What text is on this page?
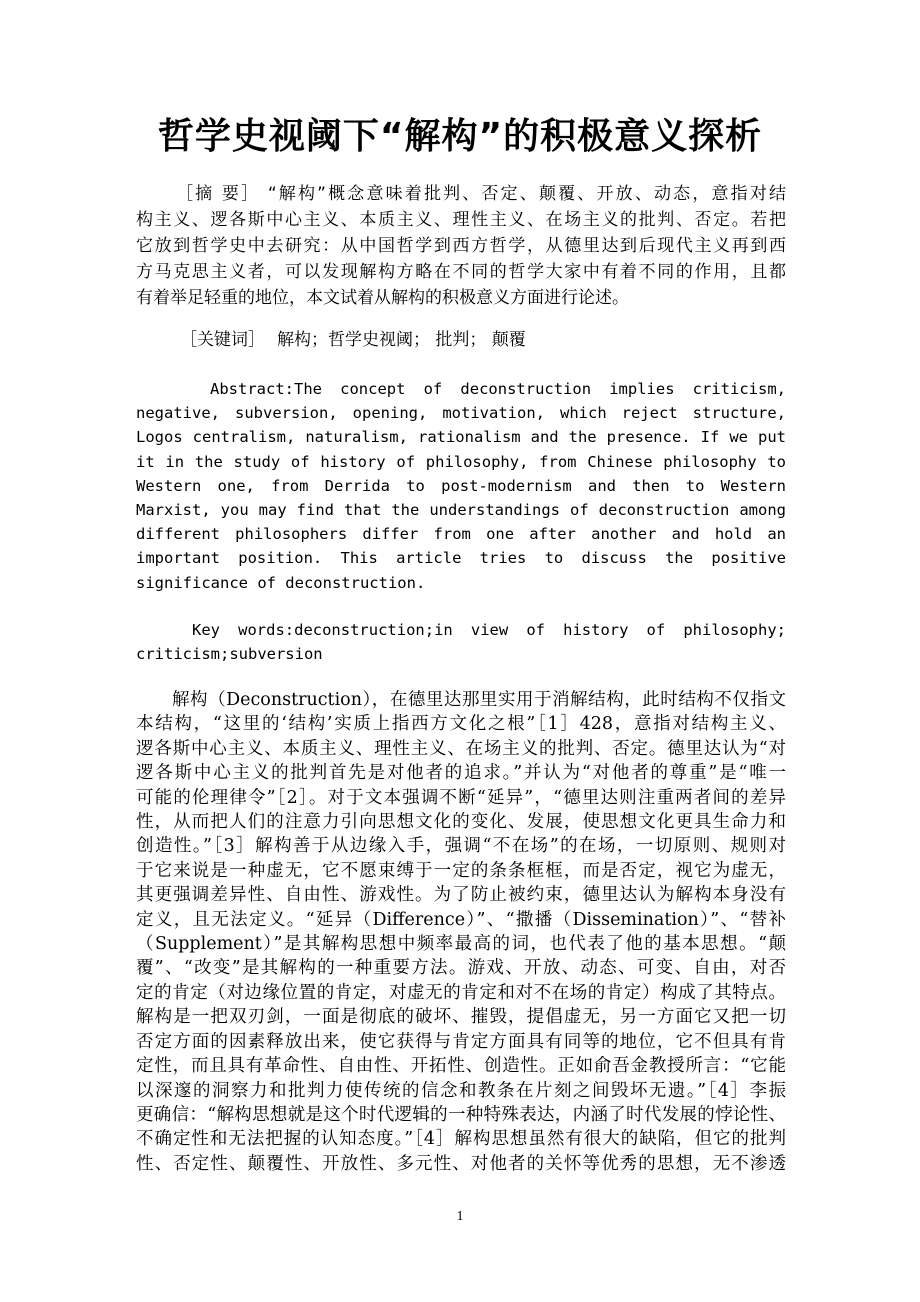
哲学史视阈下“解构”的积极意义探析
［摘 要］ “解构”概念意味着批判、否定、颠覆、开放、动态，意指对结
构主义、逻各斯中心主义、本质主义、理性主义、在场主义的批判、否定。若把
它放到哲学史中去研究：从中国哲学到西方哲学，从德里达到后现代主义再到西
方马克思主义者，可以发现解构方略在不同的哲学大家中有着不同的作用，且都
有着举足轻重的地位，本文试着从解构的积极意义方面进行论述。
［关键词］ 解构；哲学史视阈； 批判； 颠覆
Abstract:The concept of deconstruction implies criticism,
negative, subversion, opening, motivation, which reject structure,
Logos centralism, naturalism, rationalism and the presence. If we put
it in the study of history of philosophy, from Chinese philosophy to
Western one, from Derrida to post-modernism and then to Western
Marxist, you may find that the understandings of deconstruction among
different philosophers differ from one after another and hold an
important position. This article tries to discuss the positive
significance of deconstruction.
Key words:deconstruction;in view of history of philosophy;
criticism;subversion
解构（Deconstruction），在德里达那里实用于消解结构，此时结构不仅指文
本结构，“这里的‘结构’实质上指西方文化之根”［1］428，意指对结构主义、
逻各斯中心主义、本质主义、理性主义、在场主义的批判、否定。德里达认为“对
逻各斯中心主义的批判首先是对他者的追求。”并认为“对他者的尊重”是“唯一
可能的伦理律令”［2］。对于文本强调不断“延异”，“德里达则注重两者间的差异
性，从而把人们的注意力引向思想文化的变化、发展，使思想文化更具生命力和
创造性。”［3］解构善于从边缘入手，强调“不在场”的在场，一切原则、规则对
于它来说是一种虚无，它不愿束缚于一定的条条框框，而是否定，视它为虚无，
其更强调差异性、自由性、游戏性。为了防止被约束，德里达认为解构本身没有
定义，且无法定义。“延异（Difference）”、“撒播（Dissemination）”、“替补
（Supplement）”是其解构思想中频率最高的词，也代表了他的基本思想。“颠
覆”、“改变”是其解构的一种重要方法。游戏、开放、动态、可变、自由，对否
定的肯定（对边缘位置的肯定，对虚无的肯定和对不在场的肯定）构成了其特点。
解构是一把双刃剑，一面是彻底的破坏、摧毁，提倡虚无，另一方面它又把一切
否定方面的因素释放出来，使它获得与肯定方面具有同等的地位，它不但具有肯
定性，而且具有革命性、自由性、开拓性、创造性。正如俞吾金教授所言：“它能
以深邃的洞察力和批判力使传统的信念和教条在片刻之间毁坏无遗。”［4］李振
更确信：“解构思想就是这个时代逻辑的一种特殊表达，内涵了时代发展的悖论性、
不确定性和无法把握的认知态度。”［4］解构思想虽然有很大的缺陷，但它的批判
性、否定性、颠覆性、开放性、多元性、对他者的关怀等优秀的思想，无不渗透
1
